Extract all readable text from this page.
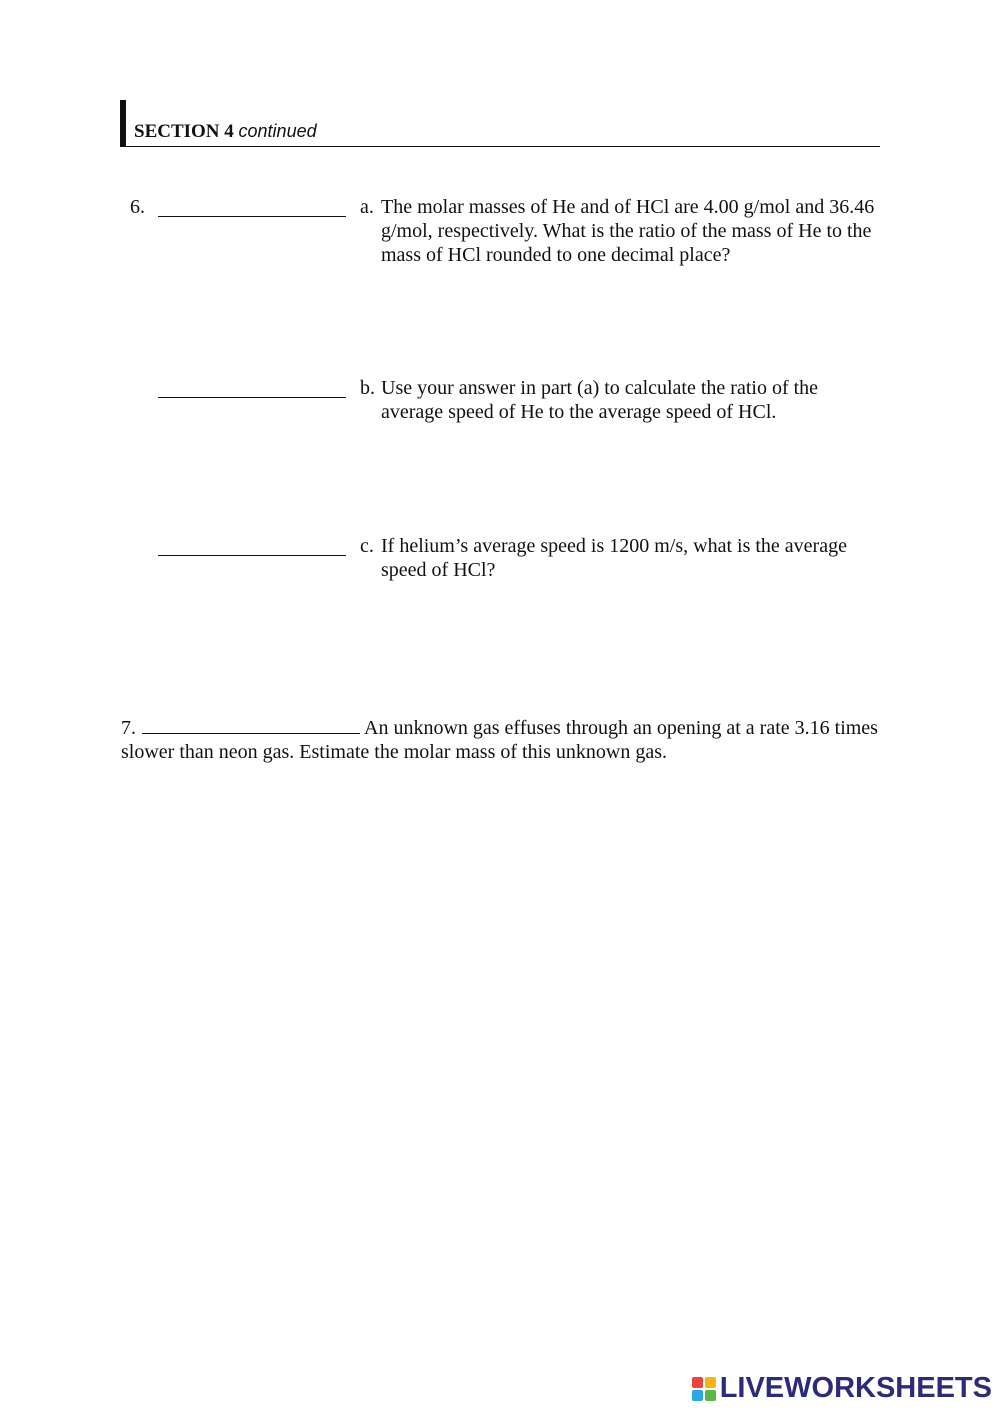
SECTION 4 continued
6.	a. The molar masses of He and of HCl are 4.00 g/mol and 36.46 g/mol, respectively. What is the ratio of the mass of He to the mass of HCl rounded to one decimal place?
b. Use your answer in part (a) to calculate the ratio of the average speed of He to the average speed of HCl.
c. If helium’s average speed is 1200 m/s, what is the average speed of HCl?
7.	An unknown gas effuses through an opening at a rate 3.16 times slower than neon gas. Estimate the molar mass of this unknown gas.
LIVEWORKSHEETS
